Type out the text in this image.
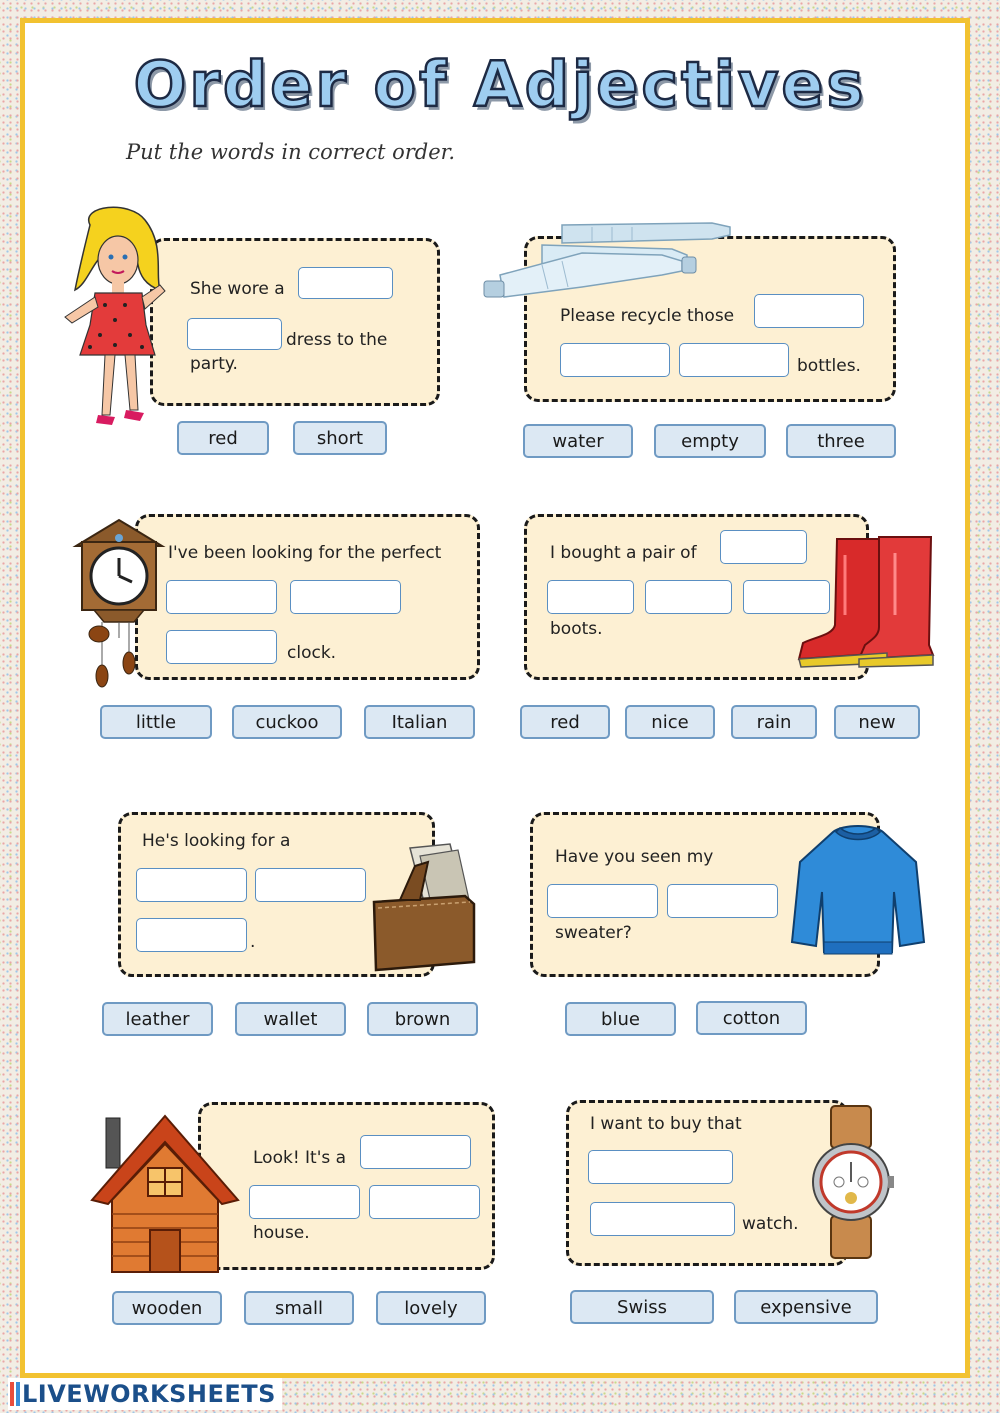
Order of Adjectives

Put the words in correct order.

She wore a
dress to the
party.
red	short
Please recycle those
bottles.
water	empty	three
I've been looking for the perfect
clock.
little	cuckoo	Italian
I bought a pair of
boots.
red	nice	rain	new
He's looking for a
.
leather	wallet	brown
Have you seen my
sweater?
blue	cotton
Look! It's a
house.
wooden	small	lovely
I want to buy that
watch.
Swiss	expensive
LIVEWORKSHEETS
